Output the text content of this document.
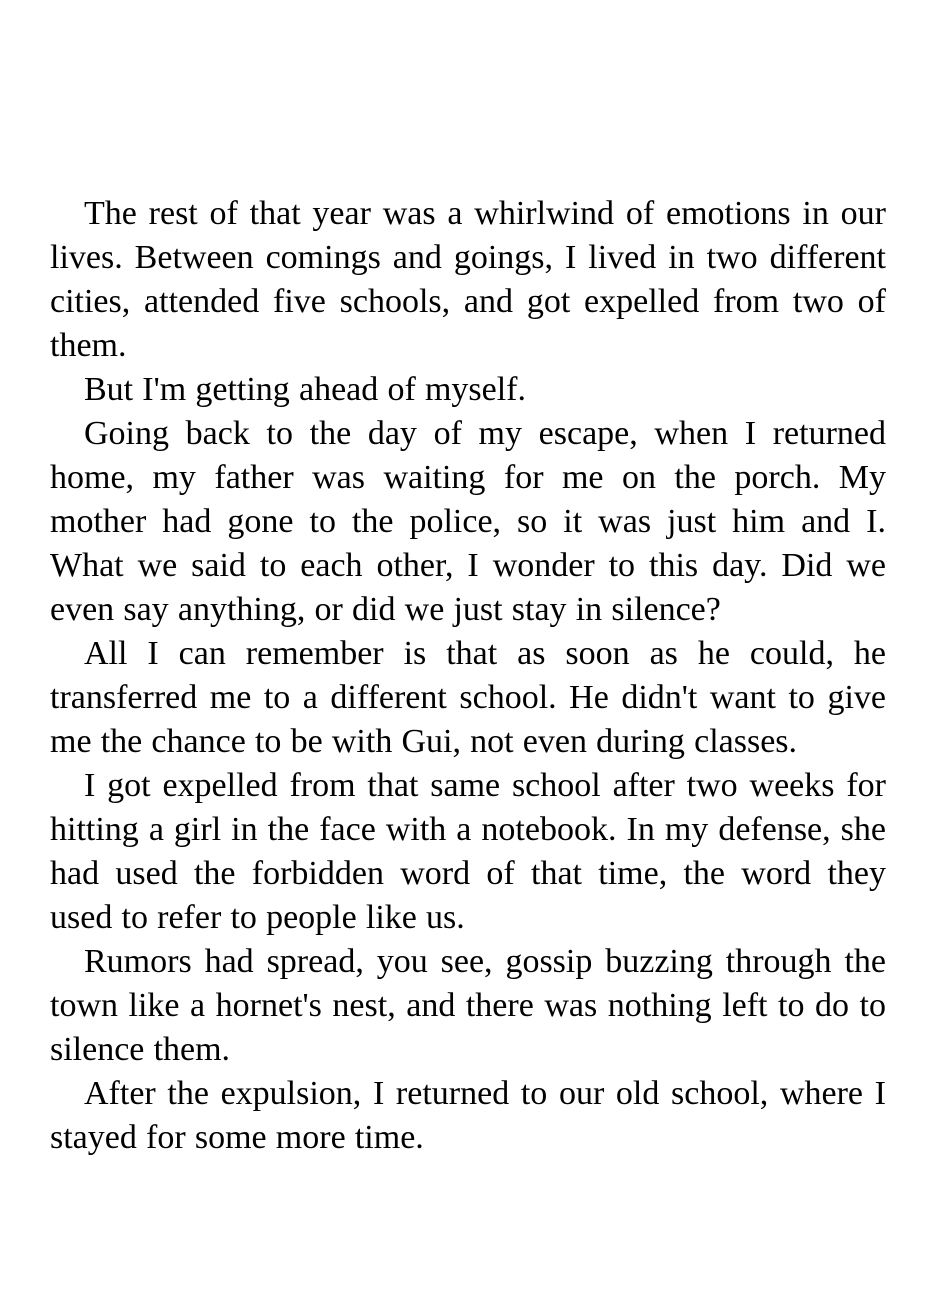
The rest of that year was a whirlwind of emotions in our lives. Between comings and goings, I lived in two different cities, attended five schools, and got expelled from two of them.

But I'm getting ahead of myself.

Going back to the day of my escape, when I returned home, my father was waiting for me on the porch. My mother had gone to the police, so it was just him and I. What we said to each other, I wonder to this day. Did we even say anything, or did we just stay in silence?

All I can remember is that as soon as he could, he transferred me to a different school. He didn't want to give me the chance to be with Gui, not even during classes.

I got expelled from that same school after two weeks for hitting a girl in the face with a notebook. In my defense, she had used the forbidden word of that time, the word they used to refer to people like us.

Rumors had spread, you see, gossip buzzing through the town like a hornet's nest, and there was nothing left to do to silence them.

After the expulsion, I returned to our old school, where I stayed for some more time.
